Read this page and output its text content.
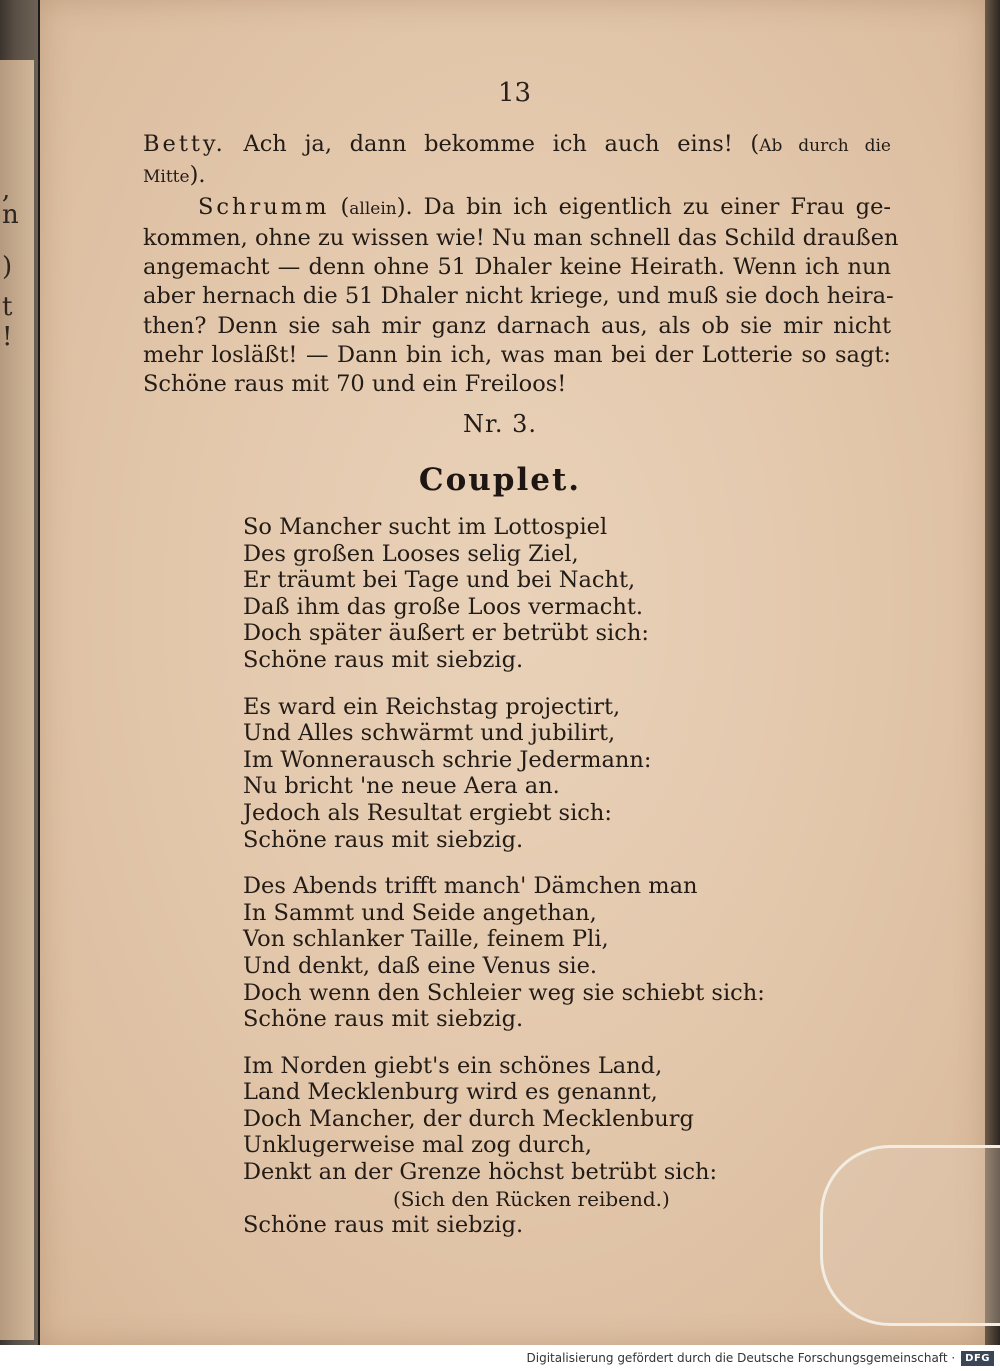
,
n
)
t
!
13
Betty. Ach ja, dann bekomme ich auch eins! (Ab durch die
Mitte).
Schrumm (allein). Da bin ich eigentlich zu einer Frau ge-
kommen, ohne zu wissen wie! Nu man schnell das Schild draußen
angemacht — denn ohne 51 Dhaler keine Heirath. Wenn ich nun
aber hernach die 51 Dhaler nicht kriege, und muß sie doch heira-
then? Denn sie sah mir ganz darnach aus, als ob sie mir nicht
mehr losläßt! — Dann bin ich, was man bei der Lotterie so sagt:
Schöne raus mit 70 und ein Freiloos!
Nr. 3.
Couplet.
So Mancher sucht im Lottospiel
Des großen Looses selig Ziel,
Er träumt bei Tage und bei Nacht,
Daß ihm das große Loos vermacht.
Doch später äußert er betrübt sich:
Schöne raus mit siebzig.
Es ward ein Reichstag projectirt,
Und Alles schwärmt und jubilirt,
Im Wonnerausch schrie Jedermann:
Nu bricht 'ne neue Aera an.
Jedoch als Resultat ergiebt sich:
Schöne raus mit siebzig.
Des Abends trifft manch' Dämchen man
In Sammt und Seide angethan,
Von schlanker Taille, feinem Pli,
Und denkt, daß eine Venus sie.
Doch wenn den Schleier weg sie schiebt sich:
Schöne raus mit siebzig.
Im Norden giebt's ein schönes Land,
Land Mecklenburg wird es genannt,
Doch Mancher, der durch Mecklenburg
Unklugerweise mal zog durch,
Denkt an der Grenze höchst betrübt sich:
(Sich den Rücken reibend.)
Schöne raus mit siebzig.
Digitalisierung gefördert durch die Deutsche Forschungsgemeinschaft ·	DFG
